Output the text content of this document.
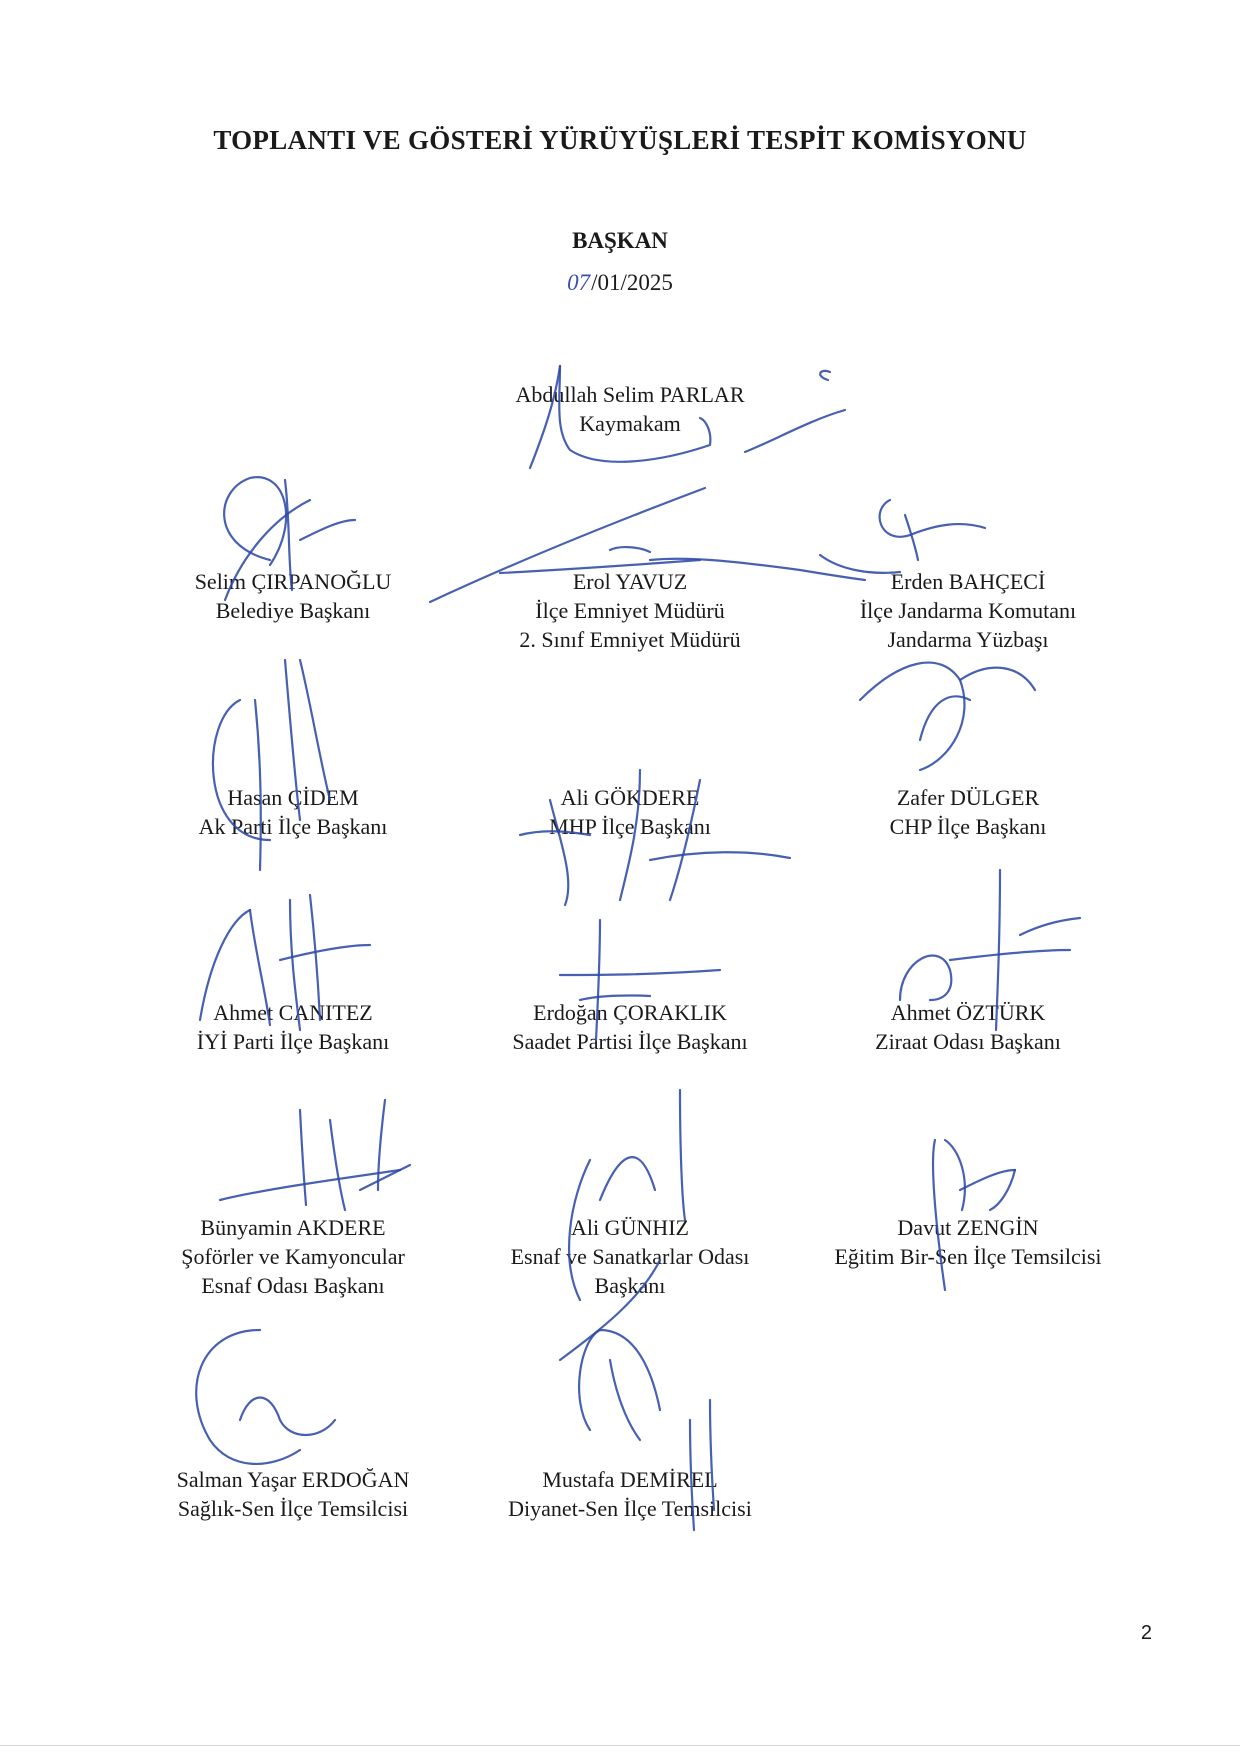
TOPLANTI VE GÖSTERİ YÜRÜYÜŞLERİ TESPİT KOMİSYONU
BAŞKAN
07/01/2025
Abdullah Selim PARLAR
Kaymakam
Selim ÇIRPANOĞLU
Belediye Başkanı
Erol YAVUZ
İlçe Emniyet Müdürü
2. Sınıf Emniyet Müdürü
Erden BAHÇECİ
İlçe Jandarma Komutanı
Jandarma Yüzbaşı
Hasan ÇİDEM
Ak Parti İlçe Başkanı
Ali GÖKDERE
MHP İlçe Başkanı
Zafer DÜLGER
CHP İlçe Başkanı
Ahmet CANITEZ
İYİ Parti İlçe Başkanı
Erdoğan ÇORAKLIK
Saadet Partisi İlçe Başkanı
Ahmet ÖZTÜRK
Ziraat Odası Başkanı
Bünyamin AKDERE
Şoförler ve Kamyoncular
Esnaf Odası Başkanı
Ali GÜNHIZ
Esnaf ve Sanatkarlar Odası
Başkanı
Davut ZENGİN
Eğitim Bir-Sen İlçe Temsilcisi
Salman Yaşar ERDOĞAN
Sağlık-Sen İlçe Temsilcisi
Mustafa DEMİREL
Diyanet-Sen İlçe Temsilcisi
2
